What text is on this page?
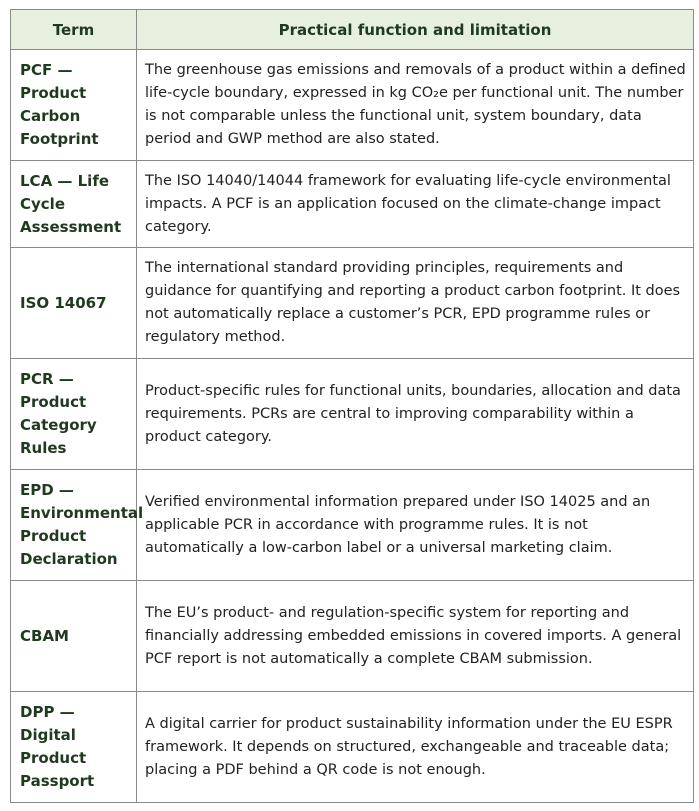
Term	Practical function and limitation
PCF — Product Carbon Footprint	The greenhouse gas emissions and removals of a product within a defined life-cycle boundary, expressed in kg CO₂e per functional unit. The number is not comparable unless the functional unit, system boundary, data period and GWP method are also stated.
LCA — Life Cycle Assessment	The ISO 14040/14044 framework for evaluating life-cycle environmental impacts. A PCF is an application focused on the climate-change impact category.
ISO 14067	The international standard providing principles, requirements and guidance for quantifying and reporting a product carbon footprint. It does not automatically replace a customer’s PCR, EPD programme rules or regulatory method.
PCR — Product Category Rules	Product-specific rules for functional units, boundaries, allocation and data requirements. PCRs are central to improving comparability within a product category.
EPD — Environmental Product Declaration	Verified environmental information prepared under ISO 14025 and an applicable PCR in accordance with programme rules. It is not automatically a low-carbon label or a universal marketing claim.
CBAM	The EU’s product- and regulation-specific system for reporting and financially addressing embedded emissions in covered imports. A general PCF report is not automatically a complete CBAM submission.
DPP — Digital Product Passport	A digital carrier for product sustainability information under the EU ESPR framework. It depends on structured, exchangeable and traceable data; placing a PDF behind a QR code is not enough.
